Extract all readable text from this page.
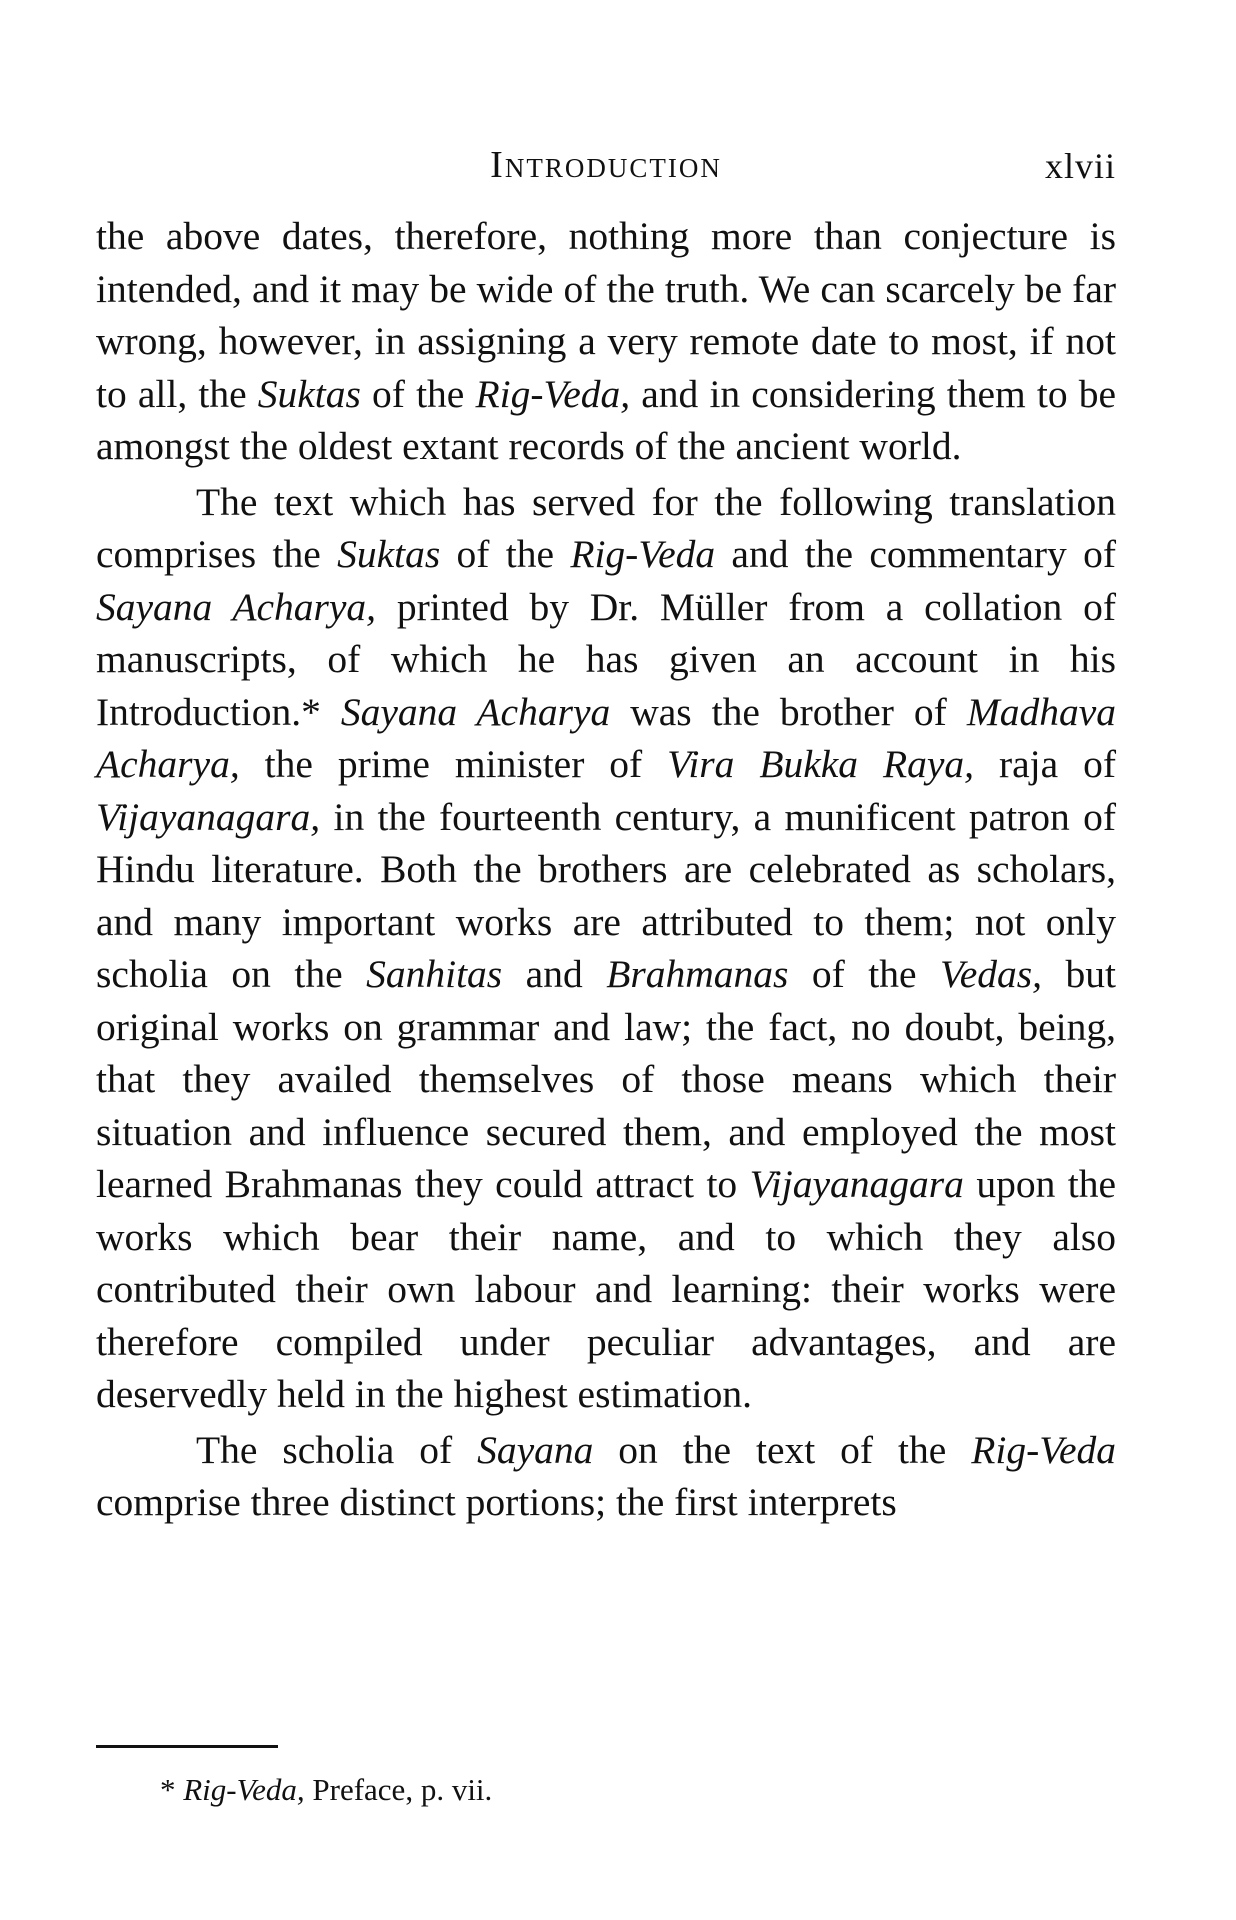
Introduction	xlvii

the above dates, therefore, nothing more than conjecture is intended, and it may be wide of the truth. We can scarcely be far wrong, however, in assigning a very remote date to most, if not to all, the Suktas of the Rig-Veda, and in considering them to be amongst the oldest extant records of the ancient world.

The text which has served for the following translation comprises the Suktas of the Rig-Veda and the commentary of Sayana Acharya, printed by Dr. Müller from a collation of manuscripts, of which he has given an account in his Introduction.* Sayana Acharya was the brother of Madhava Acharya, the prime minister of Vira Bukka Raya, raja of Vijayanagara, in the fourteenth century, a munificent patron of Hindu literature. Both the brothers are celebrated as scholars, and many important works are attributed to them; not only scholia on the Sanhitas and Brahmanas of the Vedas, but original works on grammar and law; the fact, no doubt, being, that they availed themselves of those means which their situation and influence secured them, and employed the most learned Brahmanas they could attract to Vijayanagara upon the works which bear their name, and to which they also contributed their own labour and learning: their works were therefore compiled under peculiar advantages, and are deservedly held in the highest estimation.

The scholia of Sayana on the text of the Rig-Veda comprise three distinct portions; the first interprets

* Rig-Veda, Preface, p. vii.
